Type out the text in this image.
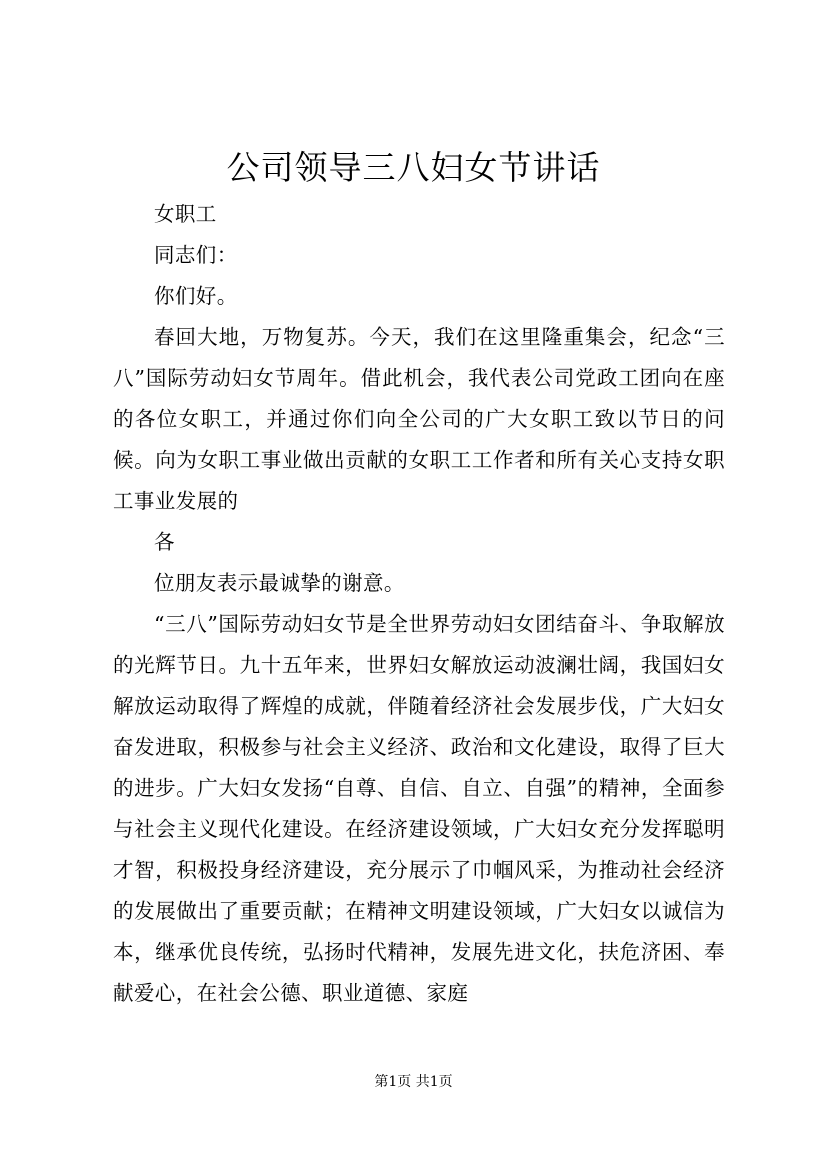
公司领导三八妇女节讲话

女职工

同志们：

你们好。

春回大地，万物复苏。今天，我们在这里隆重集会，纪念“三八”国际劳动妇女节周年。借此机会，我代表公司党政工团向在座的各位女职工，并通过你们向全公司的广大女职工致以节日的问候。向为女职工事业做出贡献的女职工工作者和所有关心支持女职工事业发展的

各

位朋友表示最诚挚的谢意。

“三八”国际劳动妇女节是全世界劳动妇女团结奋斗、争取解放的光辉节日。九十五年来，世界妇女解放运动波澜壮阔，我国妇女解放运动取得了辉煌的成就，伴随着经济社会发展步伐，广大妇女奋发进取，积极参与社会主义经济、政治和文化建设，取得了巨大的进步。广大妇女发扬“自尊、自信、自立、自强”的精神，全面参与社会主义现代化建设。在经济建设领域，广大妇女充分发挥聪明才智，积极投身经济建设，充分展示了巾帼风采，为推动社会经济的发展做出了重要贡献；在精神文明建设领域，广大妇女以诚信为本，继承优良传统，弘扬时代精神，发展先进文化，扶危济困、奉献爱心，在社会公德、职业道德、家庭

第1页 共1页
